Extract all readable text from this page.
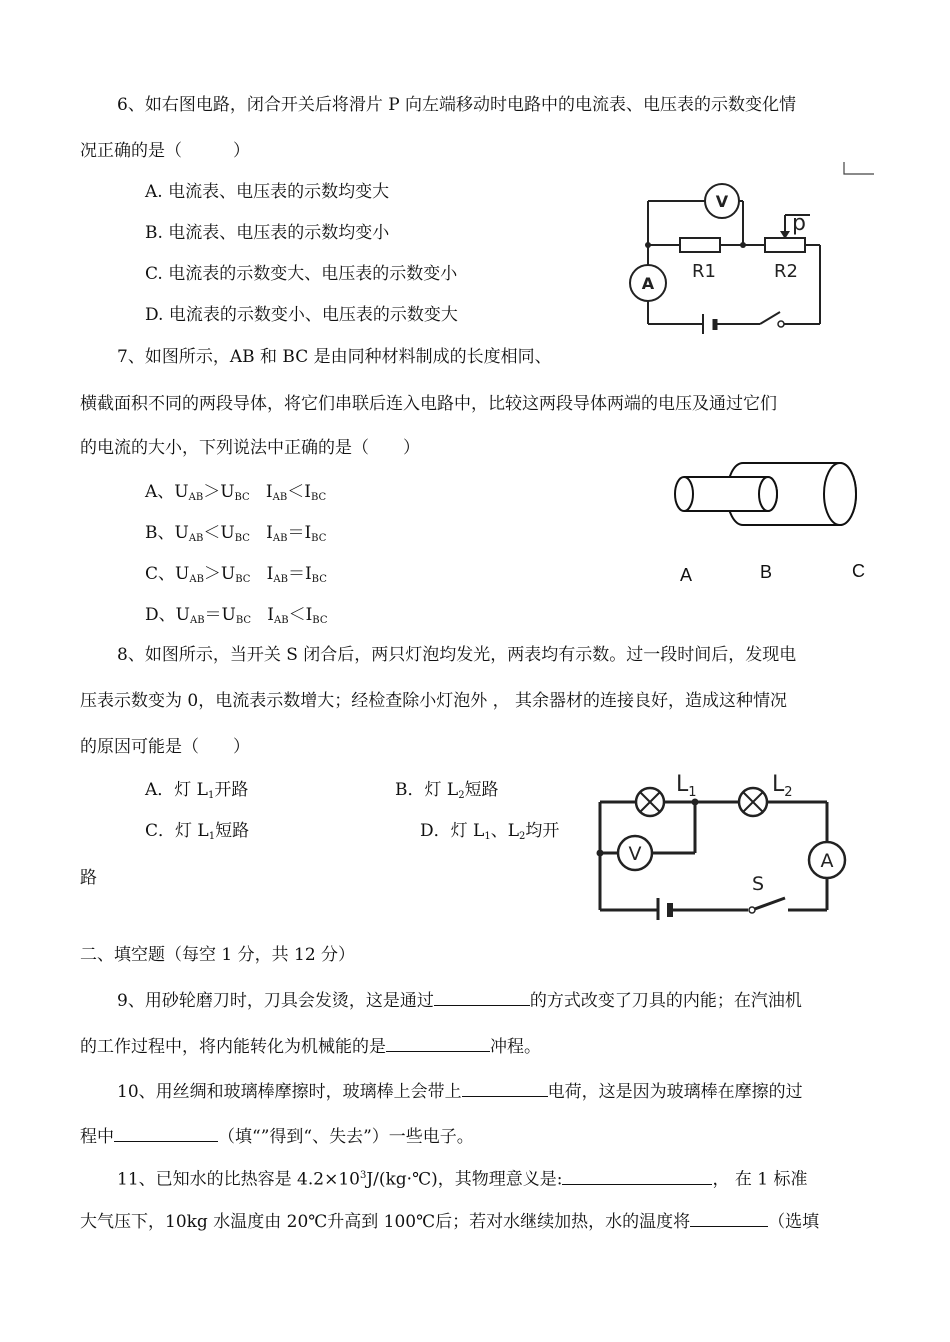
6、如右图电路，闭合开关后将滑片 P 向左端移动时电路中的电流表、电压表的示数变化情
况正确的是（　　　）
A. 电流表、电压表的示数均变大
B. 电流表、电压表的示数均变小
C. 电流表的示数变大、电压表的示数变小
D. 电流表的示数变小、电压表的示数变大
V
A
R1	R2
p
7、如图所示，AB 和 BC 是由同种材料制成的长度相同、
横截面积不同的两段导体，将它们串联后连入电路中，比较这两段导体两端的电压及通过它们
的电流的大小，下列说法中正确的是（　　）
A、$U_{AB}>U_{BC}$ $I_{AB}<I_{BC}$
B、$U_{AB}<U_{BC}$ $I_{AB}=I_{BC}$
C、$U_{AB}>U_{BC}$ $I_{AB}=I_{BC}$
D、$U_{AB}=U_{BC}$ $I_{AB}<I_{BC}$
A	B	C
8、如图所示，当开关 S 闭合后，两只灯泡均发光，两表均有示数。过一段时间后，发现电
压表示数变为 0，电流表示数增大；经检查除小灯泡外 ， 其余器材的连接良好，造成这种情况
的原因可能是（　　）
A．灯 $L_1$开路	B．灯 $L_2$短路
C．灯 $L_1$短路	D．灯 $L_1$、$L_2$均开
路
V	A
$L_1$	$L_2$
S
二、填空题（每空 1 分，共 12 分）
9、用砂轮磨刀时，刀具会发烫，这是通过	的方式改变了刀具的内能；在汽油机
的工作过程中，将内能转化为机械能的是	冲程。
10、用丝绸和玻璃棒摩擦时，玻璃棒上会带上	电荷，这是因为玻璃棒在摩擦的过
程中	（填“”得到“、失去”）一些电子。
11、已知水的比热容是 $4.2\times 10^3J/(kg\cdot℃)$，其物理意义是:	， 在 1 标准
大气压下，10kg 水温度由 20℃升高到 100℃后；若对水继续加热，水的温度将	（选填
